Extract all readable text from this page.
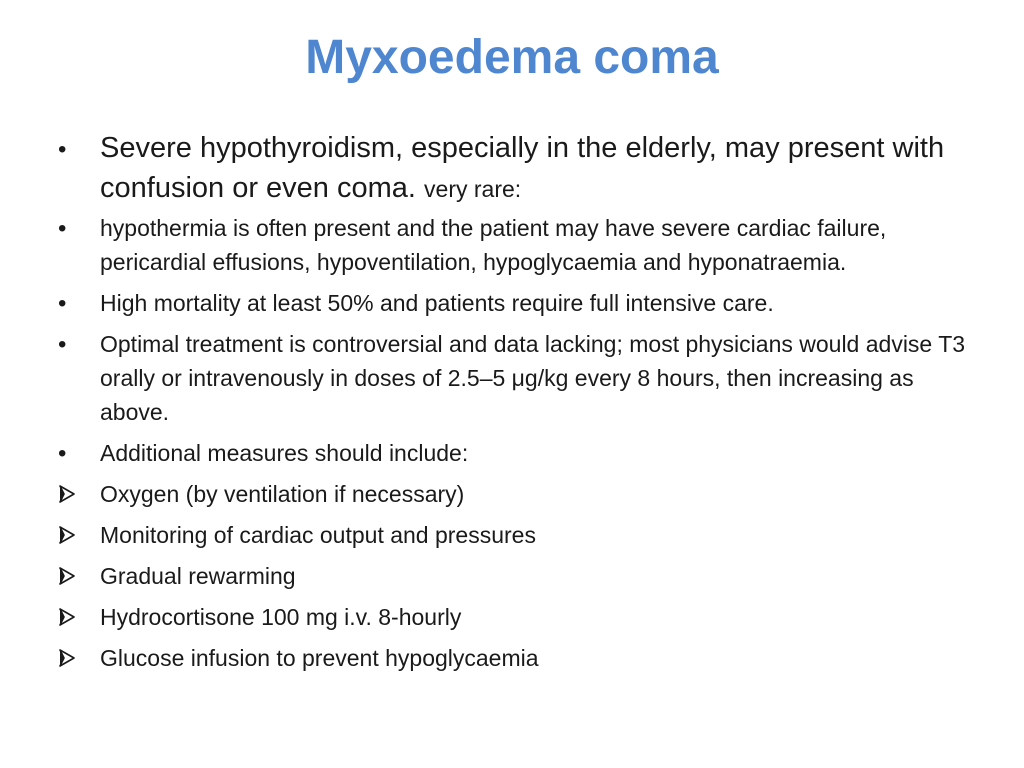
Myxoedema coma
•
Severe hypothyroidism, especially in the elderly, may present with confusion or even coma. very rare:
•
hypothermia is often present and the patient may have severe cardiac failure, pericardial effusions, hypoventilation, hypoglycaemia and hyponatraemia.
•
High mortality at least 50% and patients require full intensive care.
•
Optimal treatment is controversial and data lacking; most physicians would advise T3 orally or intravenously in doses of 2.5–5 μg/kg every 8 hours, then increasing as above.
•
Additional measures should include:
Oxygen (by ventilation if necessary)
Monitoring of cardiac output and pressures
Gradual rewarming
Hydrocortisone 100 mg i.v. 8-hourly
Glucose infusion to prevent hypoglycaemia
